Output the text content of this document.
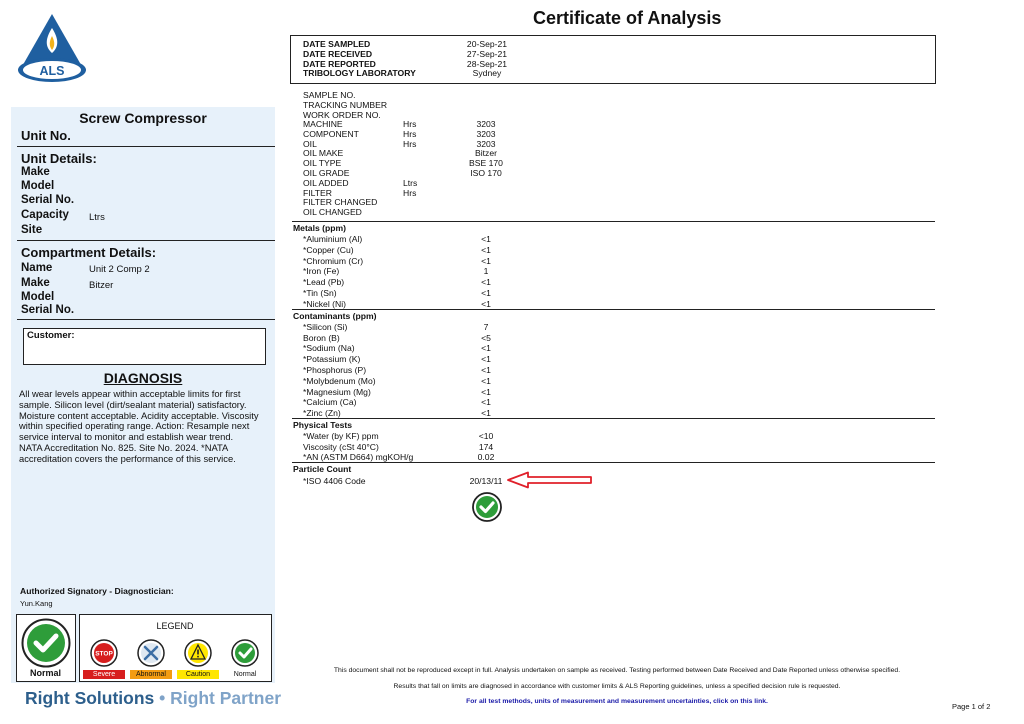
ALS
Screw Compressor
Unit No.
Unit Details:
Make
Model
Serial No.
Capacity Ltrs
Site
Compartment Details:
Name	Unit 2 Comp 2
Make	Bitzer
Model
Serial No.
Customer:
DIAGNOSIS
All wear levels appear within acceptable limits for first sample. Silicon level (dirt/sealant material) satisfactory. Moisture content acceptable. Acidity acceptable. Viscosity within specified operating range. Action: Resample next service interval to monitor and establish wear trend.
NATA Accreditation No. 825. Site No. 2024. *NATA accreditation covers the performance of this service.
Authorized Signatory - Diagnostician:
Yun.Kang
Normal
LEGEND
STOP
Severe	Abnormal	Caution	Normal
Right Solutions • Right Partner
Certificate of Analysis
DATE SAMPLED	20-Sep-21
DATE RECEIVED	27-Sep-21
DATE REPORTED	28-Sep-21
TRIBOLOGY LABORATORY	Sydney
SAMPLE NO.
TRACKING NUMBER
WORK ORDER NO.
MACHINE	Hrs	3203
COMPONENT	Hrs	3203
OIL	Hrs	3203
OIL MAKE	Bitzer
OIL TYPE	BSE 170
OIL GRADE	ISO 170
OIL ADDED	Ltrs
FILTER	Hrs
FILTER CHANGED
OIL CHANGED
Metals (ppm)
*Aluminium (Al)	<1
*Copper (Cu)	<1
*Chromium (Cr)	<1
*Iron (Fe)	1
*Lead (Pb)	<1
*Tin (Sn)	<1
*Nickel (Ni)	<1
Contaminants (ppm)
*Silicon (Si)	7
Boron (B)	<5
*Sodium (Na)	<1
*Potassium (K)	<1
*Phosphorus (P)	<1
*Molybdenum (Mo)	<1
*Magnesium (Mg)	<1
*Calcium (Ca)	<1
*Zinc (Zn)	<1
Physical Tests
*Water (by KF) ppm	<10
Viscosity (cSt 40°C)	174
*AN (ASTM D664) mgKOH/g	0.02
Particle Count
*ISO 4406 Code	20/13/11
This document shall not be reproduced except in full. Analysis undertaken on sample as received. Testing performed between Date Received and Date Reported unless otherwise specified.
Results that fall on limits are diagnosed in accordance with customer limits & ALS Reporting guidelines, unless a specified decision rule is requested.
For all test methods, units of measurement and measurement uncertainties, click on this link.
Page 1 of 2
